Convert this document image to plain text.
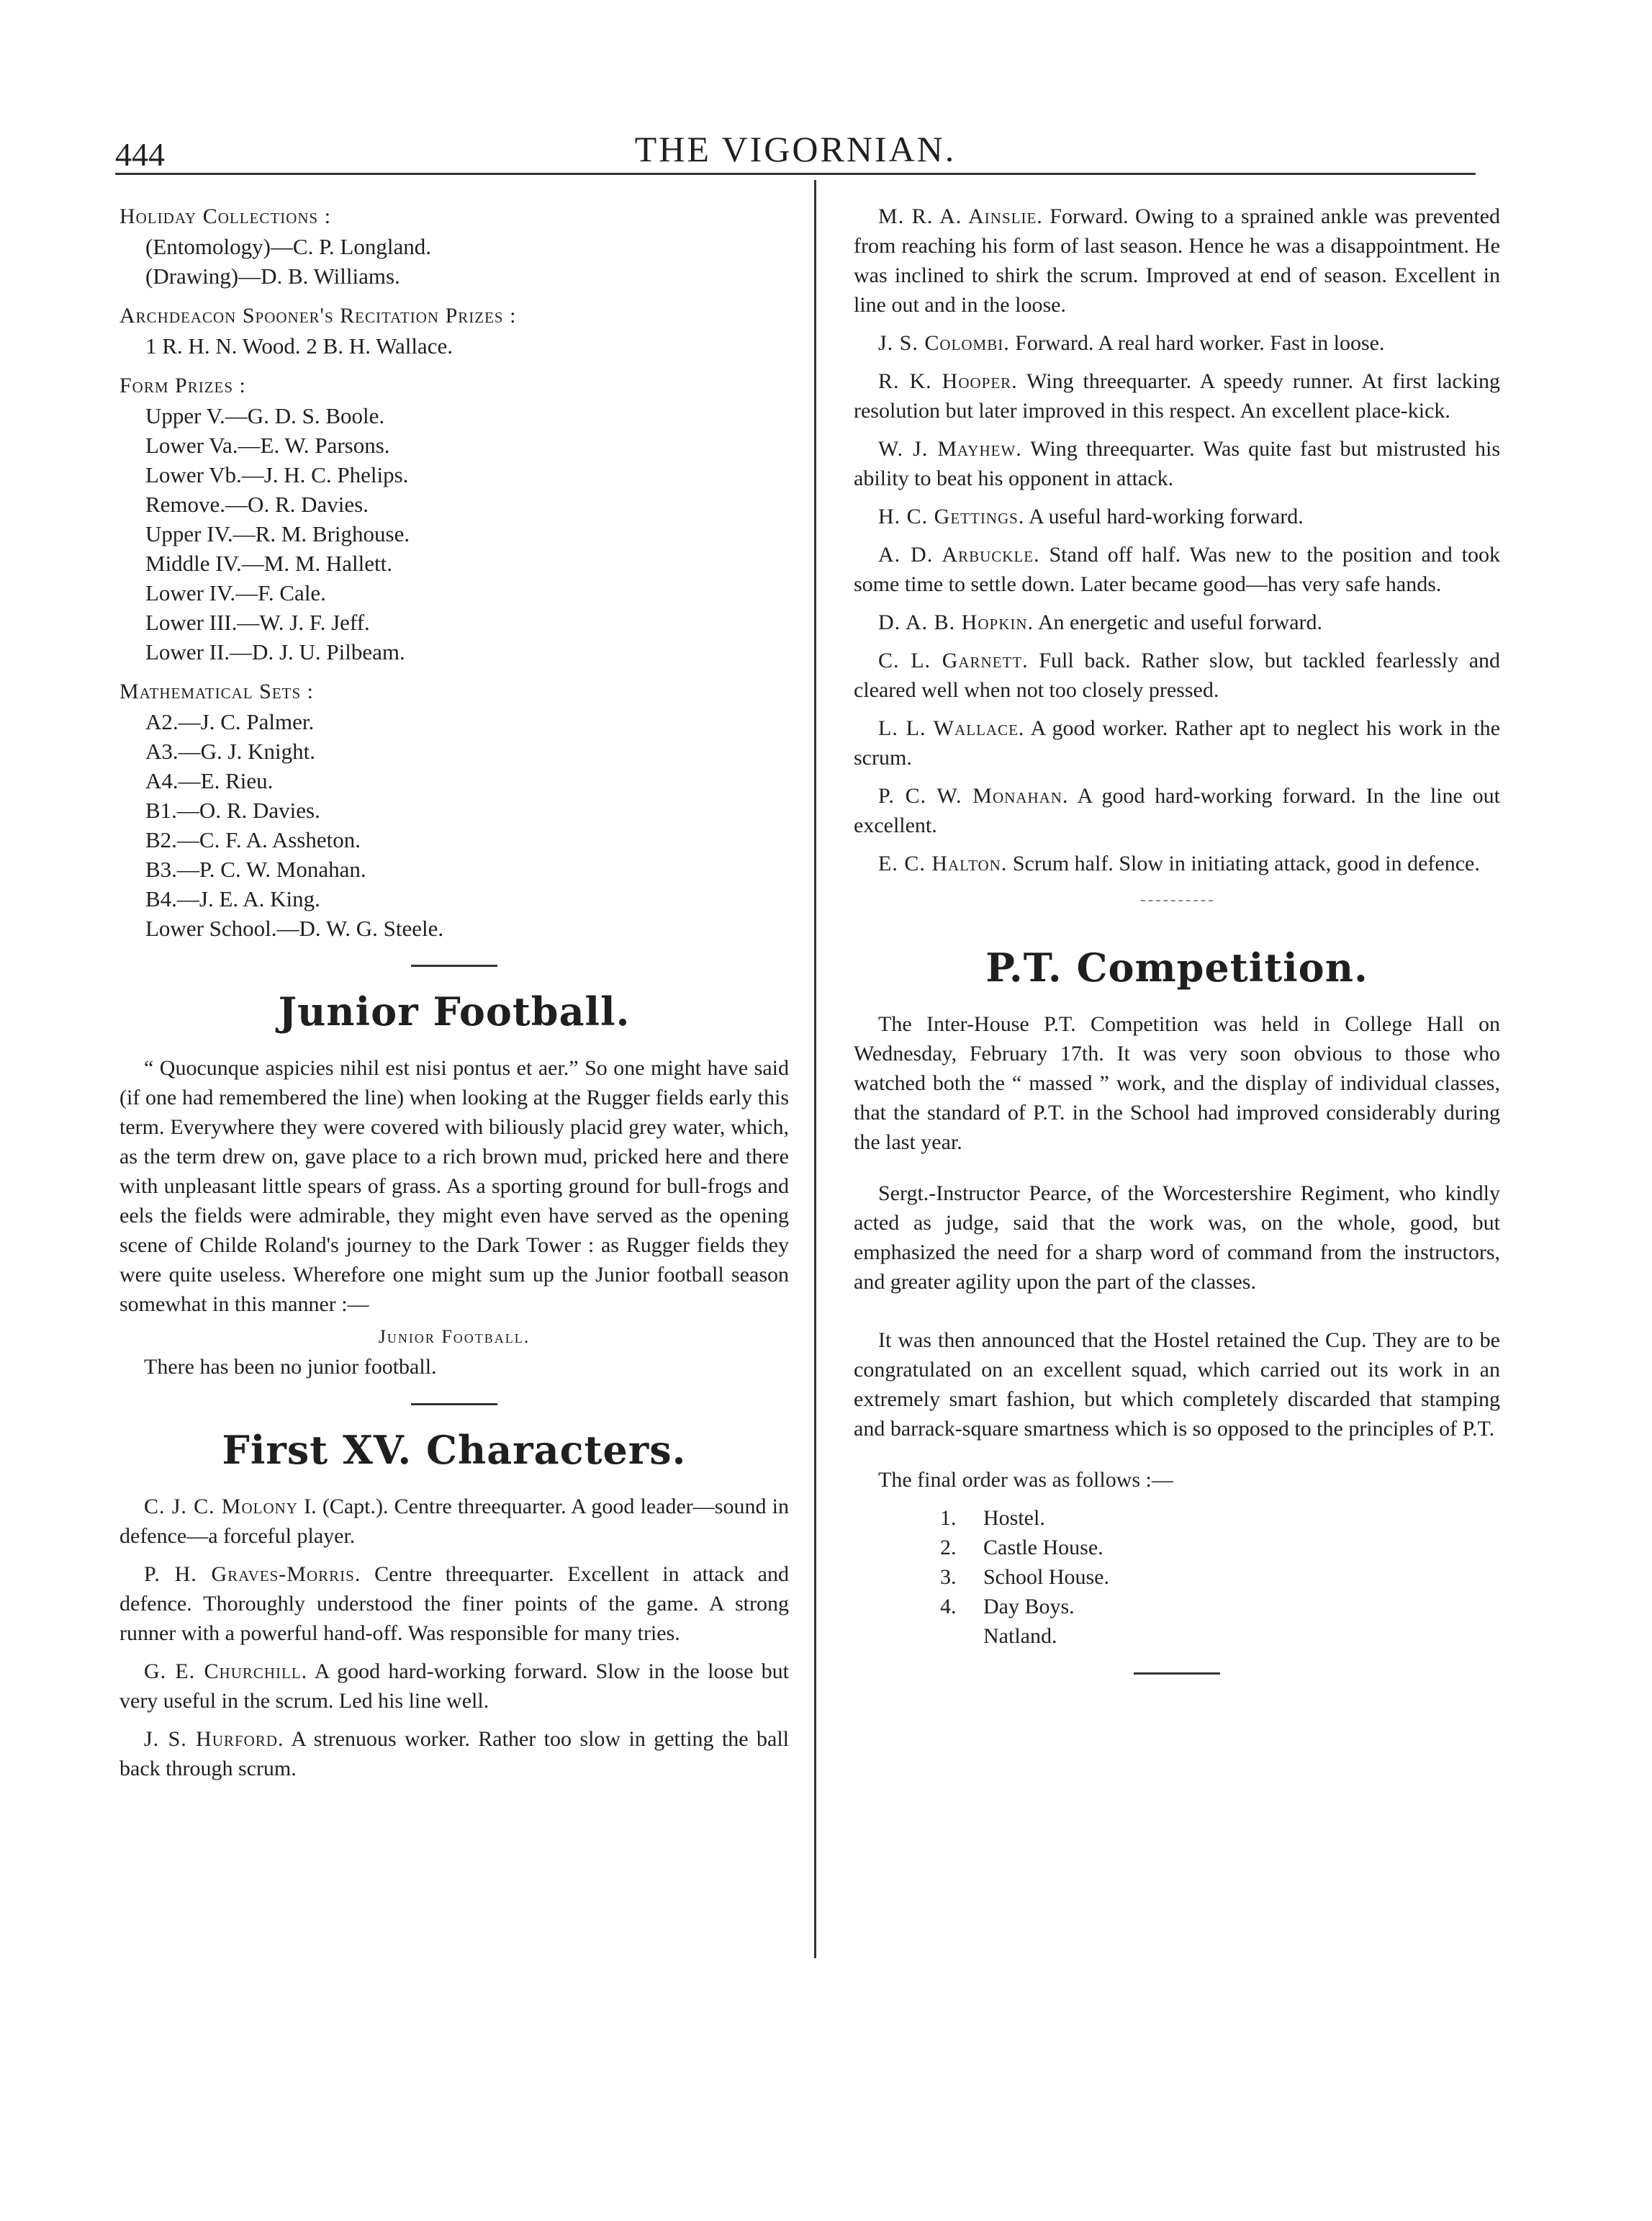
444	THE VIGORNIAN.

Holiday Collections :

(Entomology)—C. P. Longland.

(Drawing)—D. B. Williams.

Archdeacon Spooner's Recitation Prizes :

1 R. H. N. Wood. 2 B. H. Wallace.

Form Prizes :

Upper V.—G. D. S. Boole.

Lower Va.—E. W. Parsons.

Lower Vb.—J. H. C. Phelips.

Remove.—O. R. Davies.

Upper IV.—R. M. Brighouse.

Middle IV.—M. M. Hallett.

Lower IV.—F. Cale.

Lower III.—W. J. F. Jeff.

Lower II.—D. J. U. Pilbeam.

Mathematical Sets :

A2.—J. C. Palmer.

A3.—G. J. Knight.

A4.—E. Rieu.

B1.—O. R. Davies.

B2.—C. F. A. Assheton.

B3.—P. C. W. Monahan.

B4.—J. E. A. King.

Lower School.—D. W. G. Steele.

Junior Football.

“ Quocunque aspicies nihil est nisi pontus et aer.” So one might have said (if one had remembered the line) when looking at the Rugger fields early this term. Everywhere they were covered with biliously placid grey water, which, as the term drew on, gave place to a rich brown mud, pricked here and there with unpleasant little spears of grass. As a sporting ground for bull-frogs and eels the fields were admirable, they might even have served as the opening scene of Childe Roland's journey to the Dark Tower : as Rugger fields they were quite useless. Wherefore one might sum up the Junior football season somewhat in this manner :—

Junior Football.

There has been no junior football.

First XV. Characters.

C. J. C. Molony I. (Capt.). Centre threequarter. A good leader—sound in defence—a forceful player.

P. H. Graves-Morris. Centre threequarter. Excellent in attack and defence. Thoroughly understood the finer points of the game. A strong runner with a powerful hand-off. Was responsible for many tries.

G. E. Churchill. A good hard-working forward. Slow in the loose but very useful in the scrum. Led his line well.

J. S. Hurford. A strenuous worker. Rather too slow in getting the ball back through scrum.

M. R. A. Ainslie. Forward. Owing to a sprained ankle was prevented from reaching his form of last season. Hence he was a disappointment. He was inclined to shirk the scrum. Improved at end of season. Excellent in line out and in the loose.

J. S. Colombi. Forward. A real hard worker. Fast in loose.

R. K. Hooper. Wing threequarter. A speedy runner. At first lacking resolution but later improved in this respect. An excellent place-kick.

W. J. Mayhew. Wing threequarter. Was quite fast but mistrusted his ability to beat his opponent in attack.

H. C. Gettings. A useful hard-working forward.

A. D. Arbuckle. Stand off half. Was new to the position and took some time to settle down. Later became good—has very safe hands.

D. A. B. Hopkin. An energetic and useful forward.

C. L. Garnett. Full back. Rather slow, but tackled fearlessly and cleared well when not too closely pressed.

L. L. Wallace. A good worker. Rather apt to neglect his work in the scrum.

P. C. W. Monahan. A good hard-working forward. In the line out excellent.

E. C. Halton. Scrum half. Slow in initiating attack, good in defence.

P.T. Competition.

The Inter-House P.T. Competition was held in College Hall on Wednesday, February 17th. It was very soon obvious to those who watched both the “ massed ” work, and the display of individual classes, that the standard of P.T. in the School had improved considerably during the last year.

Sergt.-Instructor Pearce, of the Worcestershire Regiment, who kindly acted as judge, said that the work was, on the whole, good, but emphasized the need for a sharp word of command from the instructors, and greater agility upon the part of the classes.

It was then announced that the Hostel retained the Cup. They are to be congratulated on an excellent squad, which carried out its work in an extremely smart fashion, but which completely discarded that stamping and barrack-square smartness which is so opposed to the principles of P.T.

The final order was as follows :—

1. Hostel.
2. Castle House.
3. School House.
4. Day Boys.
Natland.
